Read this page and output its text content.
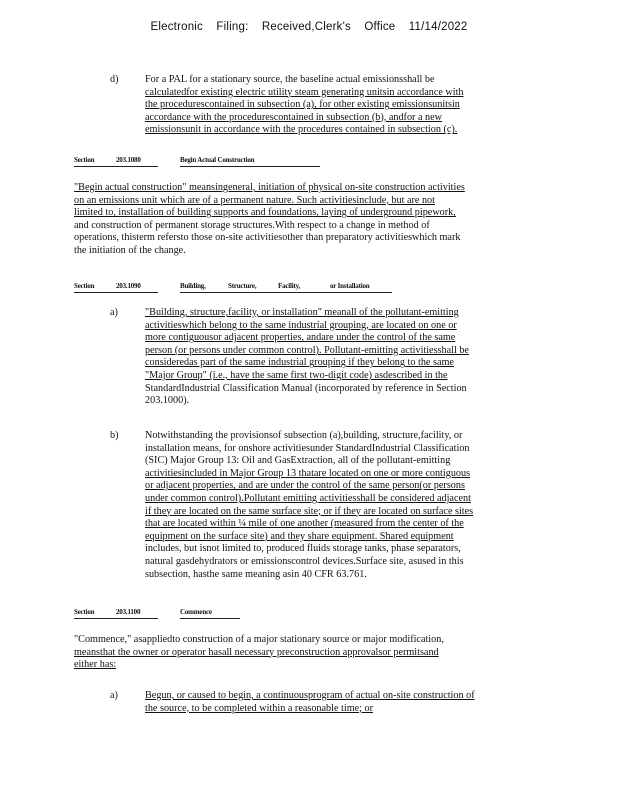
Electronic Filing: Received,Clerk's Office 11/14/2022
d)	For a PAL for a stationary source, the baseline actual emissionsshall be
calculatedfor existing electric utility steam generating unitsin accordance with
the procedurescontained in subsection (a), for other existing emissionsunitsin
accordance with the procedurescontained in subsection (b), andfor a new
emissionsunit in accordance with the procedures contained in subsection (c).
Section	203.1080	Begin Actual Construction
"Begin actual construction" meansingeneral, initiation of physical on-site construction activities
on an emissions unit which are of a permanent nature. Such activitiesinclude, but are not
limited to, installation of building supports and foundations, laying of underground pipework,
and construction of permanent storage structures.With respect to a change in method of
operations, thisterm refersto those on-site activitiesother than preparatory activitieswhich mark
the initiation of the change.
Section	203.1090	Building,	Structure,	Facility,	or Installation
a)	"Building, structure,facility, or installation" meanall of the pollutant-emitting
activitieswhich belong to the same industrial grouping, are located on one or
more contiguousor adjacent properties, andare under the control of the same
person (or persons under common control). Pollutant-emitting activitiesshall be
consideredas part of the same industrial grouping if they belong to the same
"Major Group" (i.e., have the same first two-digit code) asdescribed in the
StandardIndustrial Classification Manual (incorporated by reference in Section
203.1000).
b)	Notwithstanding the provisionsof subsection (a),building, structure,facility, or
installation means, for onshore activitiesunder StandardIndustrial Classification
(SIC) Major Group 13: Oil and GasExtraction, all of the pollutant-emitting
activitiesincluded in Major Group 13 thatare located on one or more contiguous
or adjacent properties, and are under the control of the same person(or persons
under common control).Pollutant emitting activitiesshall be considered adjacent
if they are located on the same surface site; or if they are located on surface sites
that are located within ¼ mile of one another (measured from the center of the
equipment on the surface site) and they share equipment. Shared equipment
includes, but isnot limited to, produced fluids storage tanks, phase separators,
natural gasdehydrators or emissionscontrol devices.Surface site, asused in this
subsection, hasthe same meaning asin 40 CFR 63.761.
Section	203.1100	Commence
"Commence," asappliedto construction of a major stationary source or major modification,
meansthat the owner or operator hasall necessary preconstruction approvalsor permitsand
either has:
a)	Begun, or caused to begin, a continuousprogram of actual on-site construction of
the source, to be completed within a reasonable time; or
